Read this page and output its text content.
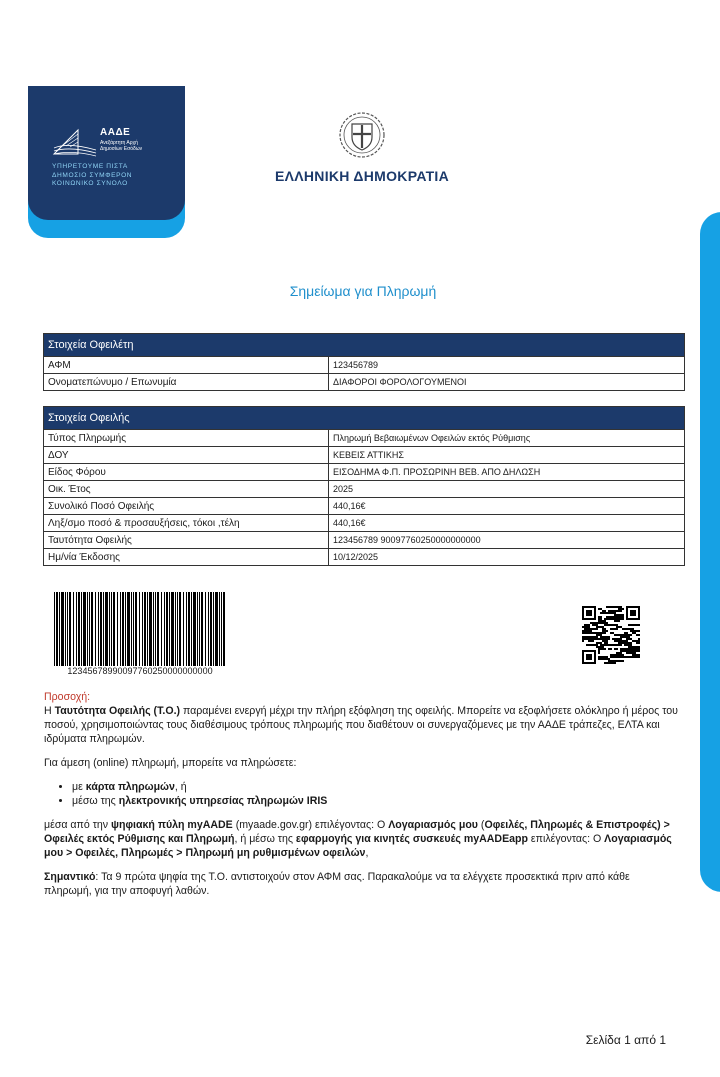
ΑΑΔΕ
Ανεξάρτητη Αρχή
Δημοσίων Εσόδων
ΥΠΗΡΕΤΟΥΜΕ ΠΙΣΤΑ
ΔΗΜΟΣΙΟ ΣΥΜΦΕΡΟΝ
ΚΟΙΝΩΝΙΚΟ ΣΥΝΟΛΟ	ΕΛΛΗΝΙΚΗ ΔΗΜΟΚΡΑΤΙΑ
Σημείωμα για Πληρωμή
Στοιχεία Οφειλέτη	
ΑΦΜ	123456789
Ονοματεπώνυμο / Επωνυμία	ΔΙΑΦΟΡΟΙ ΦΟΡΟΛΟΓΟΥΜΕΝΟΙ
Στοιχεία Οφειλής	
Τύπος Πληρωμής	Πληρωμή Βεβαιωμένων Οφειλών εκτός Ρύθμισης
ΔΟΥ	ΚΕΒΕΙΣ ΑΤΤΙΚΗΣ
Είδος Φόρου	ΕΙΣΟΔΗΜΑ Φ.Π. ΠΡΟΣΩΡΙΝΗ ΒΕΒ. ΑΠΟ ΔΗΛΩΣΗ
Οικ. Έτος	2025
Συνολικό Ποσό Οφειλής	440,16€
Ληξ/σμο ποσό & προσαυξήσεις, τόκοι ,τέλη	440,16€
Ταυτότητα Οφειλής	123456789 90097760250000000000
Ημ/νία Έκδοσης	10/12/2025
12345678990097760250000000000

Προσοχή:
Η Ταυτότητα Οφειλής (Τ.Ο.) παραμένει ενεργή μέχρι την πλήρη εξόφληση της οφειλής. Μπορείτε να εξοφλήσετε ολόκληρο ή μέρος του ποσού, χρησιμοποιώντας τους διαθέσιμους τρόπους πληρωμής που διαθέτουν οι συνεργαζόμενες με την ΑΑΔΕ τράπεζες, ΕΛΤΑ και ιδρύματα πληρωμών.

Για άμεση (online) πληρωμή, μπορείτε να πληρώσετε:

• με κάρτα πληρωμών, ή
• μέσω της ηλεκτρονικής υπηρεσίας πληρωμών IRIS

μέσα από την ψηφιακή πύλη myAADE (myaade.gov.gr) επιλέγοντας: Ο Λογαριασμός μου (Οφειλές, Πληρωμές & Επιστροφές) > Οφειλές εκτός Ρύθμισης και Πληρωμή, ή μέσω της εφαρμογής για κινητές συσκευές myAADEapp επιλέγοντας: Ο Λογαριασμός μου > Οφειλές, Πληρωμές > Πληρωμή μη ρυθμισμένων οφειλών,

Σημαντικό: Τα 9 πρώτα ψηφία της Τ.Ο. αντιστοιχούν στον ΑΦΜ σας. Παρακαλούμε να τα ελέγχετε προσεκτικά πριν από κάθε πληρωμή, για την αποφυγή λαθών.

Σελίδα 1 από 1
